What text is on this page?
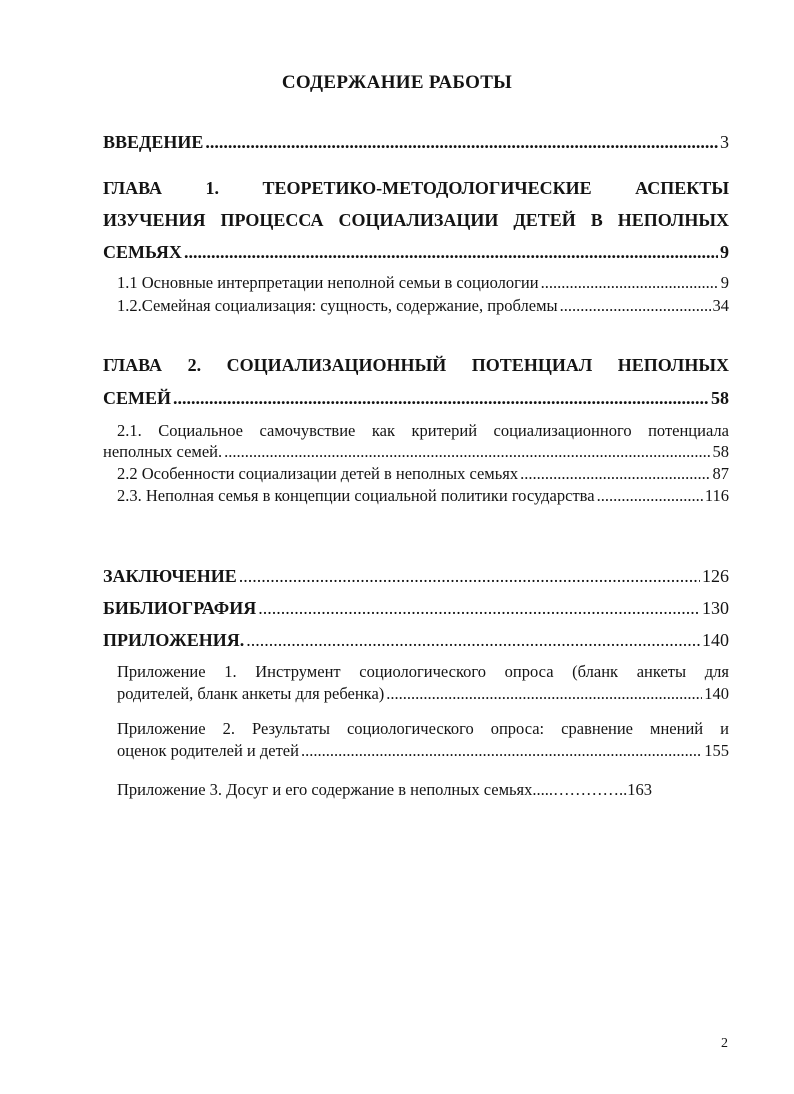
СОДЕРЖАНИЕ РАБОТЫ
ВВЕДЕНИЕ .....	3
ГЛАВА 1. ТЕОРЕТИКО-МЕТОДОЛОГИЧЕСКИЕ АСПЕКТЫ
ИЗУЧЕНИЯ ПРОЦЕССА СОЦИАЛИЗАЦИИ ДЕТЕЙ В НЕПОЛНЫХ
СЕМЬЯХ .....	9
1.1 Основные интерпретации неполной семьи в социологии .....	9
1.2.Семейная социализация: сущность, содержание, проблемы .....	34
ГЛАВА 2. СОЦИАЛИЗАЦИОННЫЙ ПОТЕНЦИАЛ НЕПОЛНЫХ
СЕМЕЙ .....	58
2.1. Социальное самочувствие как критерий социализационного потенциала
неполных семей. .....	58
2.2 Особенности социализации детей в неполных семьях .....	87
2.3. Неполная семья в концепции социальной политики государства .....	116
ЗАКЛЮЧЕНИЕ .....	126
БИБЛИОГРАФИЯ .....	130
ПРИЛОЖЕНИЯ. .....	140
Приложение 1. Инструмент социологического опроса (бланк анкеты для
родителей, бланк анкеты для ребенка) .....	140
Приложение 2. Результаты социологического опроса: сравнение мнений и
оценок родителей и детей .....	155
Приложение 3. Досуг и его содержание в неполных семьях.....…………..163
2
